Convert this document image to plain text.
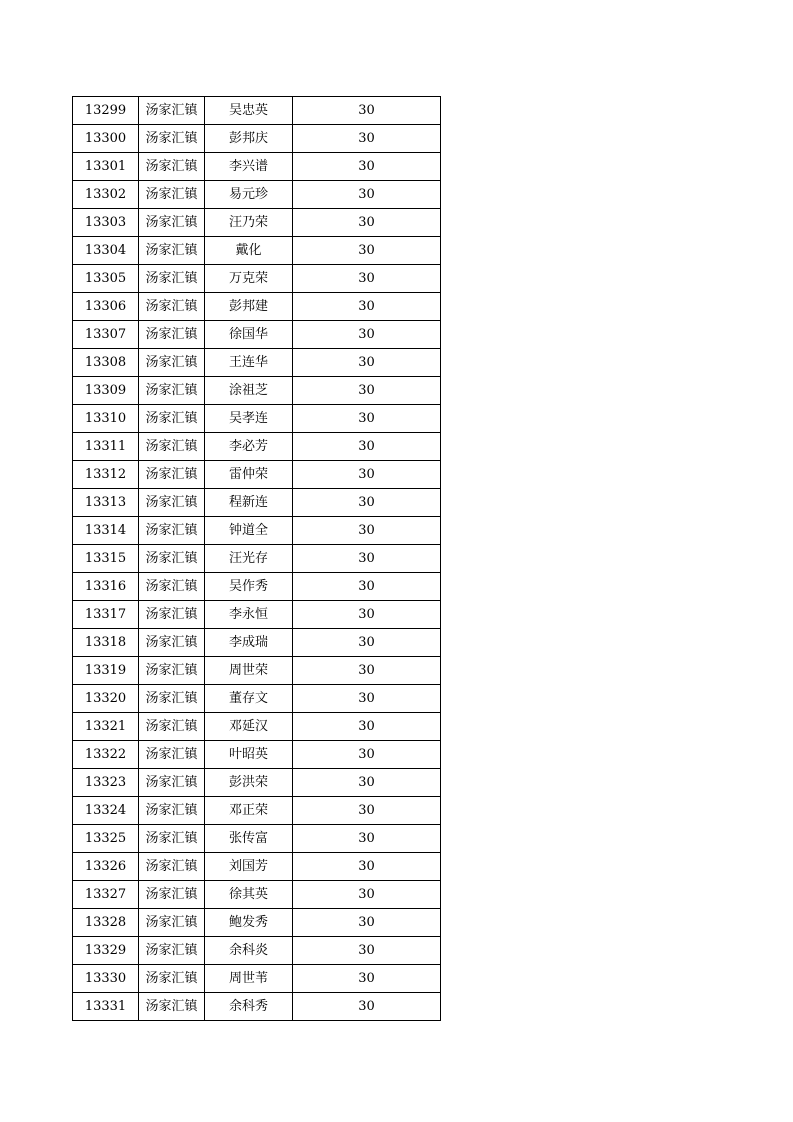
13299	汤家汇镇	吴忠英	30
13300	汤家汇镇	彭邦庆	30
13301	汤家汇镇	李兴谱	30
13302	汤家汇镇	易元珍	30
13303	汤家汇镇	汪乃荣	30
13304	汤家汇镇	戴化	30
13305	汤家汇镇	万克荣	30
13306	汤家汇镇	彭邦建	30
13307	汤家汇镇	徐国华	30
13308	汤家汇镇	王连华	30
13309	汤家汇镇	涂祖芝	30
13310	汤家汇镇	吴孝连	30
13311	汤家汇镇	李必芳	30
13312	汤家汇镇	雷仲荣	30
13313	汤家汇镇	程新连	30
13314	汤家汇镇	钟道全	30
13315	汤家汇镇	汪光存	30
13316	汤家汇镇	吴作秀	30
13317	汤家汇镇	李永恒	30
13318	汤家汇镇	李成瑞	30
13319	汤家汇镇	周世荣	30
13320	汤家汇镇	董存文	30
13321	汤家汇镇	邓延汉	30
13322	汤家汇镇	叶昭英	30
13323	汤家汇镇	彭洪荣	30
13324	汤家汇镇	邓正荣	30
13325	汤家汇镇	张传富	30
13326	汤家汇镇	刘国芳	30
13327	汤家汇镇	徐其英	30
13328	汤家汇镇	鲍发秀	30
13329	汤家汇镇	余科炎	30
13330	汤家汇镇	周世苇	30
13331	汤家汇镇	余科秀	30
